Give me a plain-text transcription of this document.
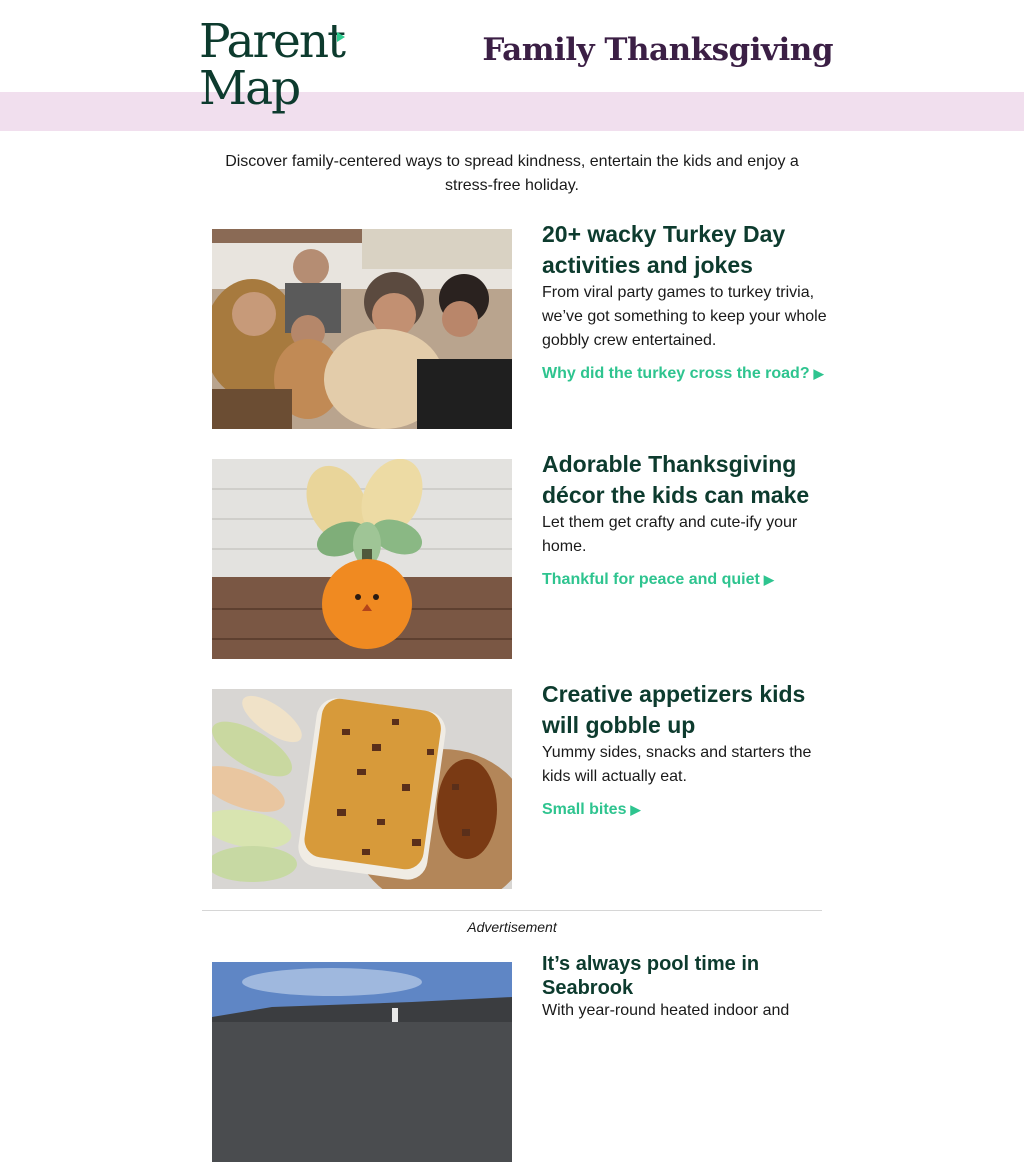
Parent
Map
Family Thanksgiving
Discover family-centered ways to spread kindness, entertain the kids and enjoy a stress-free holiday.
20+ wacky Turkey Day activities and jokes
From viral party games to turkey trivia, we’ve got something to keep your whole gobbly crew entertained.
Why did the turkey cross the road? ▶
Adorable Thanksgiving décor the kids can make
Let them get crafty and cute-ify your home.
Thankful for peace and quiet ▶
Creative appetizers kids will gobble up
Yummy sides, snacks and starters the kids will actually eat.
Small bites ▶
Advertisement
It’s always pool time in Seabrook
With year-round heated indoor and
